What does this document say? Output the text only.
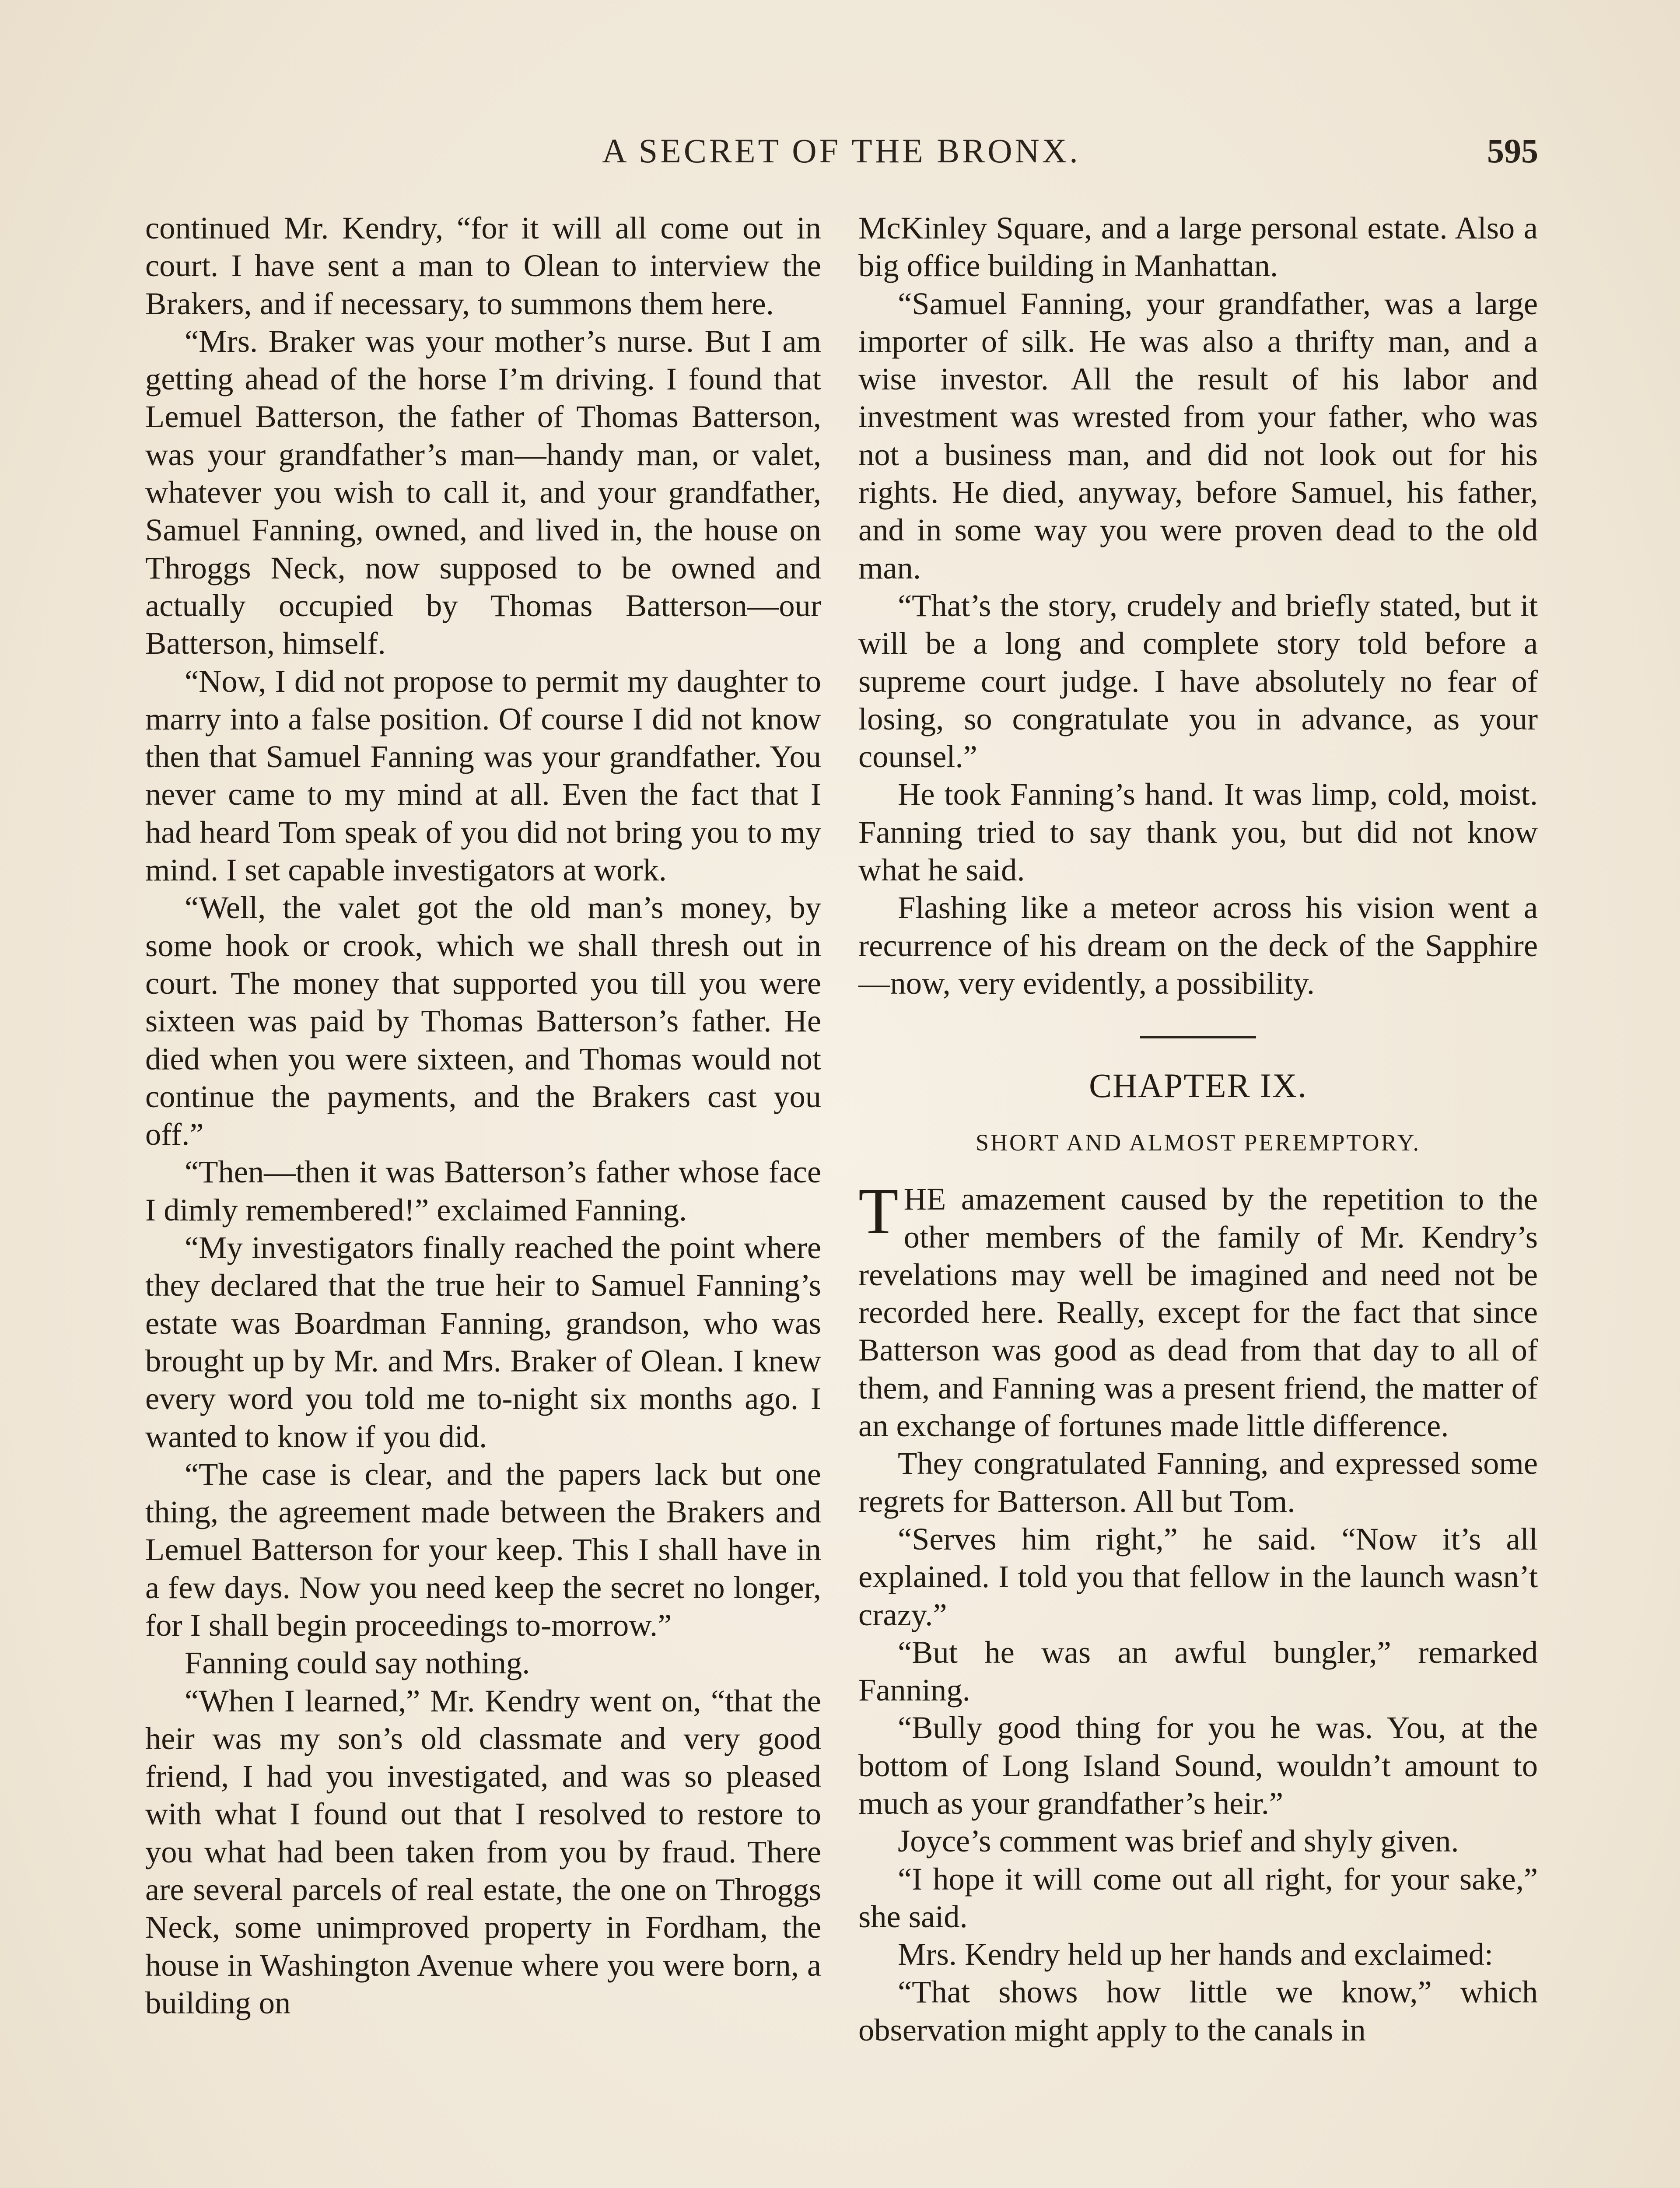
A SECRET OF THE BRONX.	595

continued Mr. Kendry, “for it will all come out in court. I have sent a man to Olean to interview the Brakers, and if necessary, to summons them here.

“Mrs. Braker was your mother’s nurse. But I am getting ahead of the horse I’m driving. I found that Lemuel Batterson, the father of Thomas Batterson, was your grandfather’s man—handy man, or valet, whatever you wish to call it, and your grandfather, Samuel Fanning, owned, and lived in, the house on Throggs Neck, now supposed to be owned and actually occupied by Thomas Batterson—our Batterson, himself.

“Now, I did not propose to permit my daughter to marry into a false position. Of course I did not know then that Samuel Fanning was your grandfather. You never came to my mind at all. Even the fact that I had heard Tom speak of you did not bring you to my mind. I set capable investigators at work.

“Well, the valet got the old man’s money, by some hook or crook, which we shall thresh out in court. The money that supported you till you were sixteen was paid by Thomas Batterson’s father. He died when you were sixteen, and Thomas would not continue the payments, and the Brakers cast you off.”

“Then—then it was Batterson’s father whose face I dimly remembered!” exclaimed Fanning.

“My investigators finally reached the point where they declared that the true heir to Samuel Fanning’s estate was Boardman Fanning, grandson, who was brought up by Mr. and Mrs. Braker of Olean. I knew every word you told me to-night six months ago. I wanted to know if you did.

“The case is clear, and the papers lack but one thing, the agreement made between the Brakers and Lemuel Batterson for your keep. This I shall have in a few days. Now you need keep the secret no longer, for I shall begin proceedings to-morrow.”

Fanning could say nothing.

“When I learned,” Mr. Kendry went on, “that the heir was my son’s old classmate and very good friend, I had you investigated, and was so pleased with what I found out that I resolved to restore to you what had been taken from you by fraud. There are several parcels of real estate, the one on Throggs Neck, some unimproved property in Fordham, the house in Washington Avenue where you were born, a building on

McKinley Square, and a large personal estate. Also a big office building in Manhattan.

“Samuel Fanning, your grandfather, was a large importer of silk. He was also a thrifty man, and a wise investor. All the result of his labor and investment was wrested from your father, who was not a business man, and did not look out for his rights. He died, anyway, before Samuel, his father, and in some way you were proven dead to the old man.

“That’s the story, crudely and briefly stated, but it will be a long and complete story told before a supreme court judge. I have absolutely no fear of losing, so congratulate you in advance, as your counsel.”

He took Fanning’s hand. It was limp, cold, moist. Fanning tried to say thank you, but did not know what he said.

Flashing like a meteor across his vision went a recurrence of his dream on the deck of the Sapphire—now, very evidently, a possibility.

CHAPTER IX.
SHORT AND ALMOST PEREMPTORY.

THE amazement caused by the repetition to the other members of the family of Mr. Kendry’s revelations may well be imagined and need not be recorded here. Really, except for the fact that since Batterson was good as dead from that day to all of them, and Fanning was a present friend, the matter of an exchange of fortunes made little difference.

They congratulated Fanning, and expressed some regrets for Batterson. All but Tom.

“Serves him right,” he said. “Now it’s all explained. I told you that fellow in the launch wasn’t crazy.”

“But he was an awful bungler,” remarked Fanning.

“Bully good thing for you he was. You, at the bottom of Long Island Sound, wouldn’t amount to much as your grandfather’s heir.”

Joyce’s comment was brief and shyly given.

“I hope it will come out all right, for your sake,” she said.

Mrs. Kendry held up her hands and exclaimed:

“That shows how little we know,” which observation might apply to the canals in
